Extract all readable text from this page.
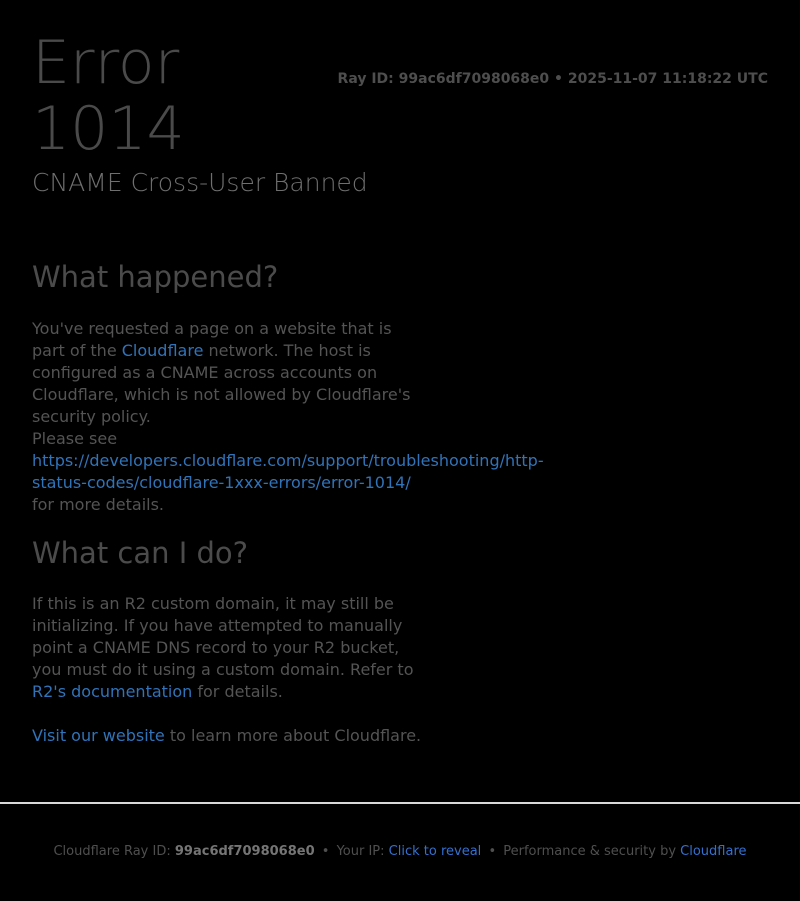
Error 1014
Ray ID: 99ac6df7098068e0 • 2025-11-07 11:18:22 UTC
CNAME Cross-User Banned
What happened?

You've requested a page on a website that is part of the Cloudflare network. The host is configured as a CNAME across accounts on Cloudflare, which is not allowed by Cloudflare's security policy.
Please see https://developers.cloudflare.com/support/troubleshooting/http-status-codes/cloudflare-1xxx-errors/error-1014/ for more details.

What can I do?

If this is an R2 custom domain, it may still be initializing. If you have attempted to manually point a CNAME DNS record to your R2 bucket, you must do it using a custom domain. Refer to R2's documentation for details.

Visit our website to learn more about Cloudflare.

Cloudflare Ray ID: 99ac6df7098068e0 • Your IP: Click to reveal • Performance & security by Cloudflare
